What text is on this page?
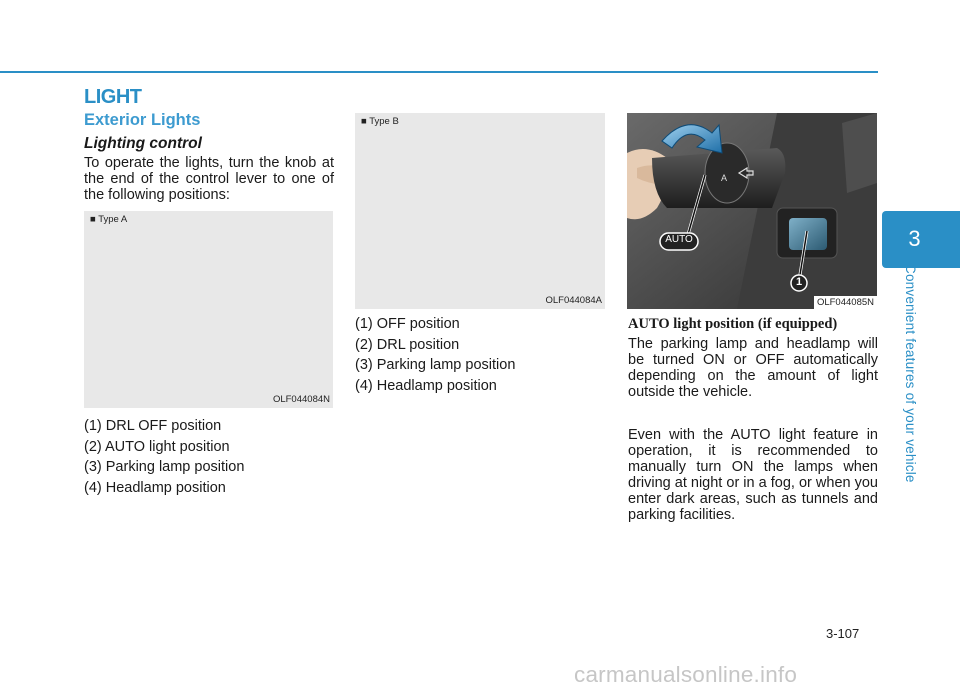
LIGHT
Exterior Lights
Lighting control
To operate the lights, turn the knob at the end of the control lever to one of the following positions:
■ Type A
OLF044084N
(1) DRL OFF position
(2) AUTO light position
(3) Parking lamp position
(4) Headlamp position
■ Type B
OLF044084A
(1) OFF position
(2) DRL position
(3) Parking lamp position
(4) Headlamp position
A
AUTO
1
OLF044085N
AUTO light position (if equipped)
The parking lamp and headlamp will be turned ON or OFF automatically depending on the amount of light outside the vehicle.
Even with the AUTO light feature in operation, it is recommended to manually turn ON the lamps when driving at night or in a fog, or when you enter dark areas, such as tunnels and parking facilities.
3
Convenient features of your vehicle
3-107
carmanualsonline.info
